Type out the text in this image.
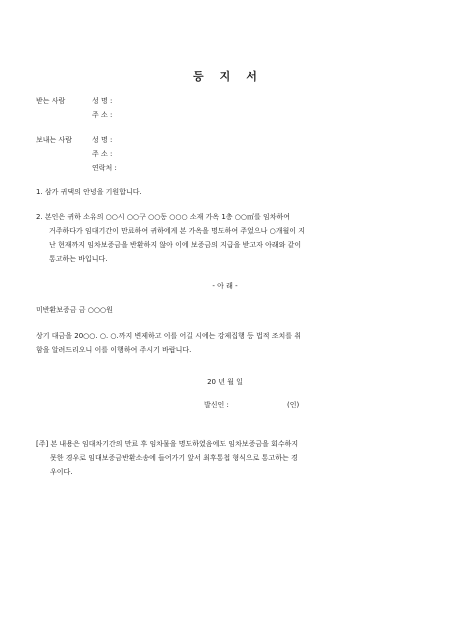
등지서
받는 사람	성 명 :
주 소 :
보내는 사람	성 명 :
주 소 :
연락처 :
1. 삼가 귀댁의 안녕을 기원합니다.
2. 본인은 귀하 소유의 ○○시 ○○구 ○○동 ○○○ 소재 가옥 1층 ○○㎡를 임차하여
거주하다가 임대기간이 만료하여 귀하에게 본 가옥을 명도하여 주었으나 ○개월이 지
난 현재까지 임차보증금을 반환하지 않아 이에 보증금의 지급을 받고자 아래와 같이
통고하는 바입니다.
- 아 래 -
미반환보증금 금 ○○○원
상기 대금을 20○○. ○. ○.까지 변제하고 이를 어길 시에는 강제집행 등 법적 조치를 취
함을 알려드리오니 이를 이행하여 주시기 바랍니다.
20 년 월 일
발신인 :	(인)
[주] 본 내용은 임대차기간의 만료 후 임차물을 명도하였음에도 임차보증금을 회수하지
못한 경우로 임대보증금반환소송에 들어가기 앞서 최후통첩 형식으로 통고하는 경
우이다.
